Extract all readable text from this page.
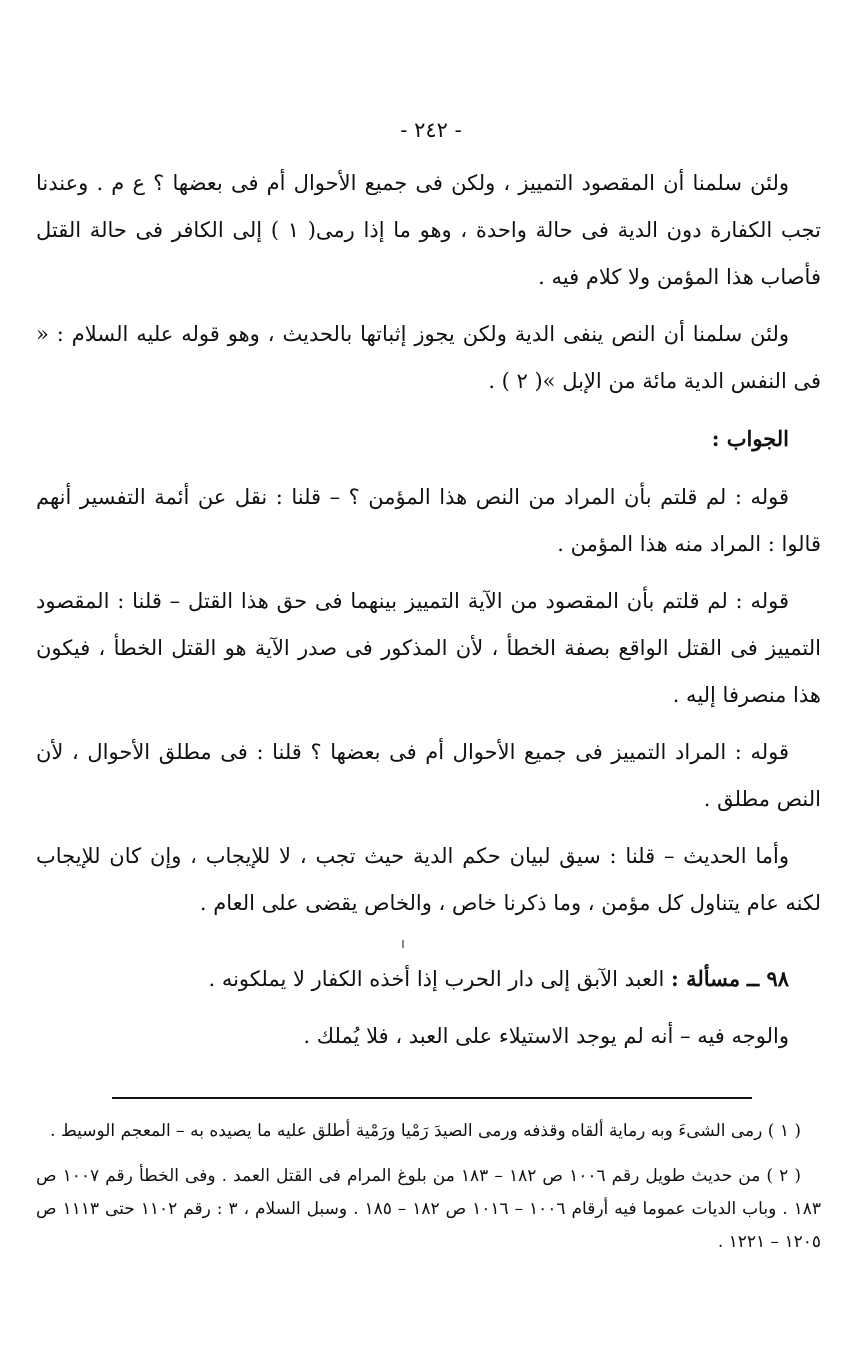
- ٢٤٢ -

ولئن سلمنا أن المقصود التمييز ، ولكن فى جميع الأحوال أم فى بعضها ؟ ع م . وعندنا تجب الكفارة دون الدية فى حالة واحدة ، وهو ما إذا رمى( ١ ) إلى الكافر فى حالة القتل فأصاب هذا المؤمن ولا كلام فيه .

ولئن سلمنا أن النص ينفى الدية ولكن يجوز إثباتها بالحديث ، وهو قوله عليه السلام : « فى النفس الدية مائة من الإبل »( ٢ ) .

الجواب :

قوله : لم قلتم بأن المراد من النص هذا المؤمن ؟ – قلنا : نقل عن أئمة التفسير أنهم قالوا : المراد منه هذا المؤمن .

قوله : لم قلتم بأن المقصود من الآية التمييز بينهما فى حق هذا القتل – قلنا : المقصود التمييز فى القتل الواقع بصفة الخطأ ، لأن المذكور فى صدر الآية هو القتل الخطأ ، فيكون هذا منصرفا إليه .

قوله : المراد التمييز فى جميع الأحوال أم فى بعضها ؟ قلنا : فى مطلق الأحوال ، لأن النص مطلق .

وأما الحديث – قلنا : سيق لبيان حكم الدية حيث تجب ، لا للإيجاب ، وإن كان للإيجاب لكنه عام يتناول كل مؤمن ، وما ذكرنا خاص ، والخاص يقضى على العام .

٩٨ ــ مسألة : العبد الآبق إلى دار الحرب إذا أخذه الكفار لا يملكونه .

والوجه فيه – أنه لم يوجد الاستيلاء على العبد ، فلا يُملك .

( ١ ) رمى الشىءَ وبه رماية ألقاه وقذفه ورمى الصيدَ رَمْيا ورَمْية أطلق عليه ما يصيده به – المعجم الوسيط .

( ٢ ) من حديث طويل رقم ١٠٠٦ ص ١٨٢ – ١٨٣ من بلوغ المرام فى القتل العمد . وفى الخطأ رقم ١٠٠٧ ص ١٨٣ . وباب الديات عموما فيه أرقام ١٠٠٦ – ١٠١٦ ص ١٨٢ – ١٨٥ . وسبل السلام ، ٣ : رقم ١١٠٢ حتى ١١١٣ ص ١٢٠٥ – ١٢٢١ .
